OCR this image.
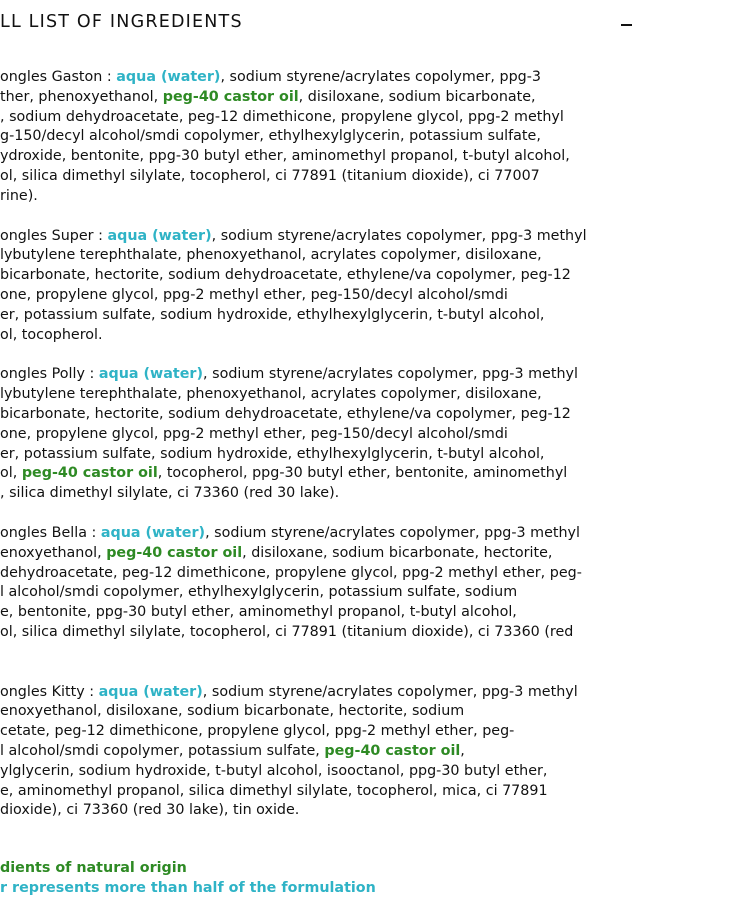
LL LIST OF INGREDIENTS
ongles Gaston : aqua (water), sodium styrene/acrylates copolymer, ppg-3
ther, phenoxyethanol, peg-40 castor oil, disiloxane, sodium bicarbonate,
, sodium dehydroacetate, peg-12 dimethicone, propylene glycol, ppg-2 methyl
g-150/decyl alcohol/smdi copolymer, ethylhexylglycerin, potassium sulfate,
ydroxide, bentonite, ppg-30 butyl ether, aminomethyl propanol, t-butyl alcohol,
ol, silica dimethyl silylate, tocopherol, ci 77891 (titanium dioxide), ci 77007
rine).
ongles Super : aqua (water), sodium styrene/acrylates copolymer, ppg-3 methyl
lybutylene terephthalate, phenoxyethanol, acrylates copolymer, disiloxane,
bicarbonate, hectorite, sodium dehydroacetate, ethylene/va copolymer, peg-12
one, propylene glycol, ppg-2 methyl ether, peg-150/decyl alcohol/smdi
er, potassium sulfate, sodium hydroxide, ethylhexylglycerin, t-butyl alcohol,
ol, tocopherol.
ongles Polly : aqua (water), sodium styrene/acrylates copolymer, ppg-3 methyl
lybutylene terephthalate, phenoxyethanol, acrylates copolymer, disiloxane,
bicarbonate, hectorite, sodium dehydroacetate, ethylene/va copolymer, peg-12
one, propylene glycol, ppg-2 methyl ether, peg-150/decyl alcohol/smdi
er, potassium sulfate, sodium hydroxide, ethylhexylglycerin, t-butyl alcohol,
ol, peg-40 castor oil, tocopherol, ppg-30 butyl ether, bentonite, aminomethyl
, silica dimethyl silylate, ci 73360 (red 30 lake).
ongles Bella : aqua (water), sodium styrene/acrylates copolymer, ppg-3 methyl
enoxyethanol, peg-40 castor oil, disiloxane, sodium bicarbonate, hectorite,
dehydroacetate, peg-12 dimethicone, propylene glycol, ppg-2 methyl ether, peg-
l alcohol/smdi copolymer, ethylhexylglycerin, potassium sulfate, sodium
e, bentonite, ppg-30 butyl ether, aminomethyl propanol, t-butyl alcohol,
ol, silica dimethyl silylate, tocopherol, ci 77891 (titanium dioxide), ci 73360 (red
ongles Kitty : aqua (water), sodium styrene/acrylates copolymer, ppg-3 methyl
enoxyethanol, disiloxane, sodium bicarbonate, hectorite, sodium
cetate, peg-12 dimethicone, propylene glycol, ppg-2 methyl ether, peg-
l alcohol/smdi copolymer, potassium sulfate, peg-40 castor oil,
ylglycerin, sodium hydroxide, t-butyl alcohol, isooctanol, ppg-30 butyl ether,
e, aminomethyl propanol, silica dimethyl silylate, tocopherol, mica, ci 77891
dioxide), ci 73360 (red 30 lake), tin oxide.
dients of natural origin
r represents more than half of the formulation
